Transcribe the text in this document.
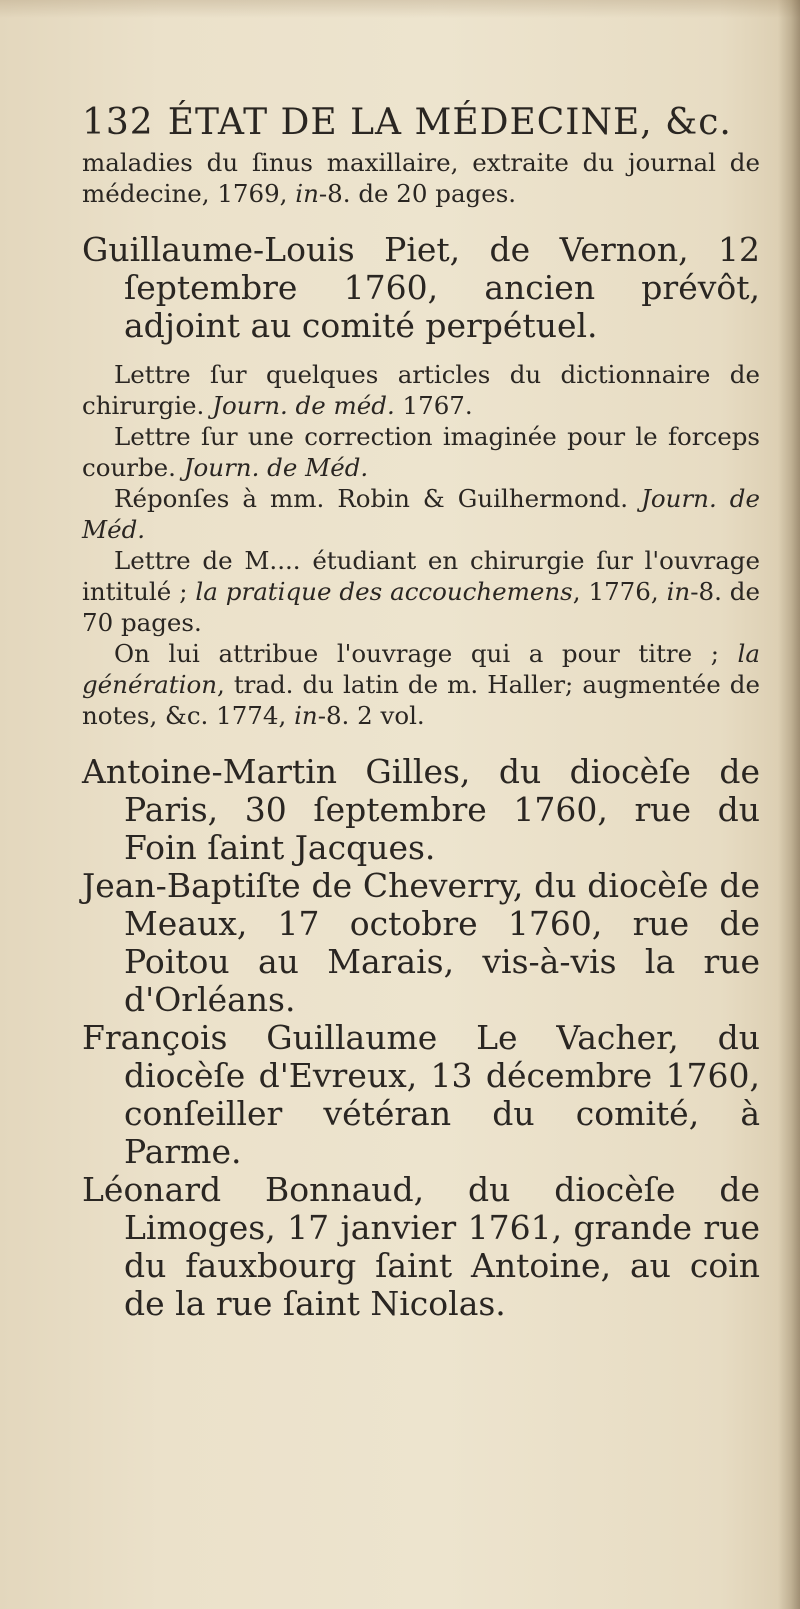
132 ÉTAT DE LA MÉDECINE, &c.

maladies du ſinus maxillaire, extraite du journal de médecine, 1769, in-8. de 20 pages.

Guillaume-Louis Piet, de Vernon, 12 ſeptembre 1760, ancien prévôt, adjoint au comité perpétuel.

Lettre ſur quelques articles du dictionnaire de chirurgie. Journ. de méd. 1767.

Lettre ſur une correction imaginée pour le forceps courbe. Journ. de Méd.

Réponſes à mm. Robin & Guilhermond. Journ. de Méd.

Lettre de M.... étudiant en chirurgie ſur l'ouvrage intitulé ; la pratique des accouchemens, 1776, in-8. de 70 pages.

On lui attribue l'ouvrage qui a pour titre ; la génération, trad. du latin de m. Haller; augmentée de notes, &c. 1774, in-8. 2 vol.

Antoine-Martin Gilles, du diocèſe de Paris, 30 ſeptembre 1760, rue du Foin ſaint Jacques.

Jean-Baptiſte de Cheverry, du diocèſe de Meaux, 17 octobre 1760, rue de Poitou au Marais, vis-à-vis la rue d'Orléans.

François Guillaume Le Vacher, du diocèſe d'Evreux, 13 décembre 1760, conſeiller vétéran du comité, à Parme.

Léonard Bonnaud, du diocèſe de Limoges, 17 janvier 1761, grande rue du fauxbourg ſaint Antoine, au coin de la rue ſaint Nicolas.
